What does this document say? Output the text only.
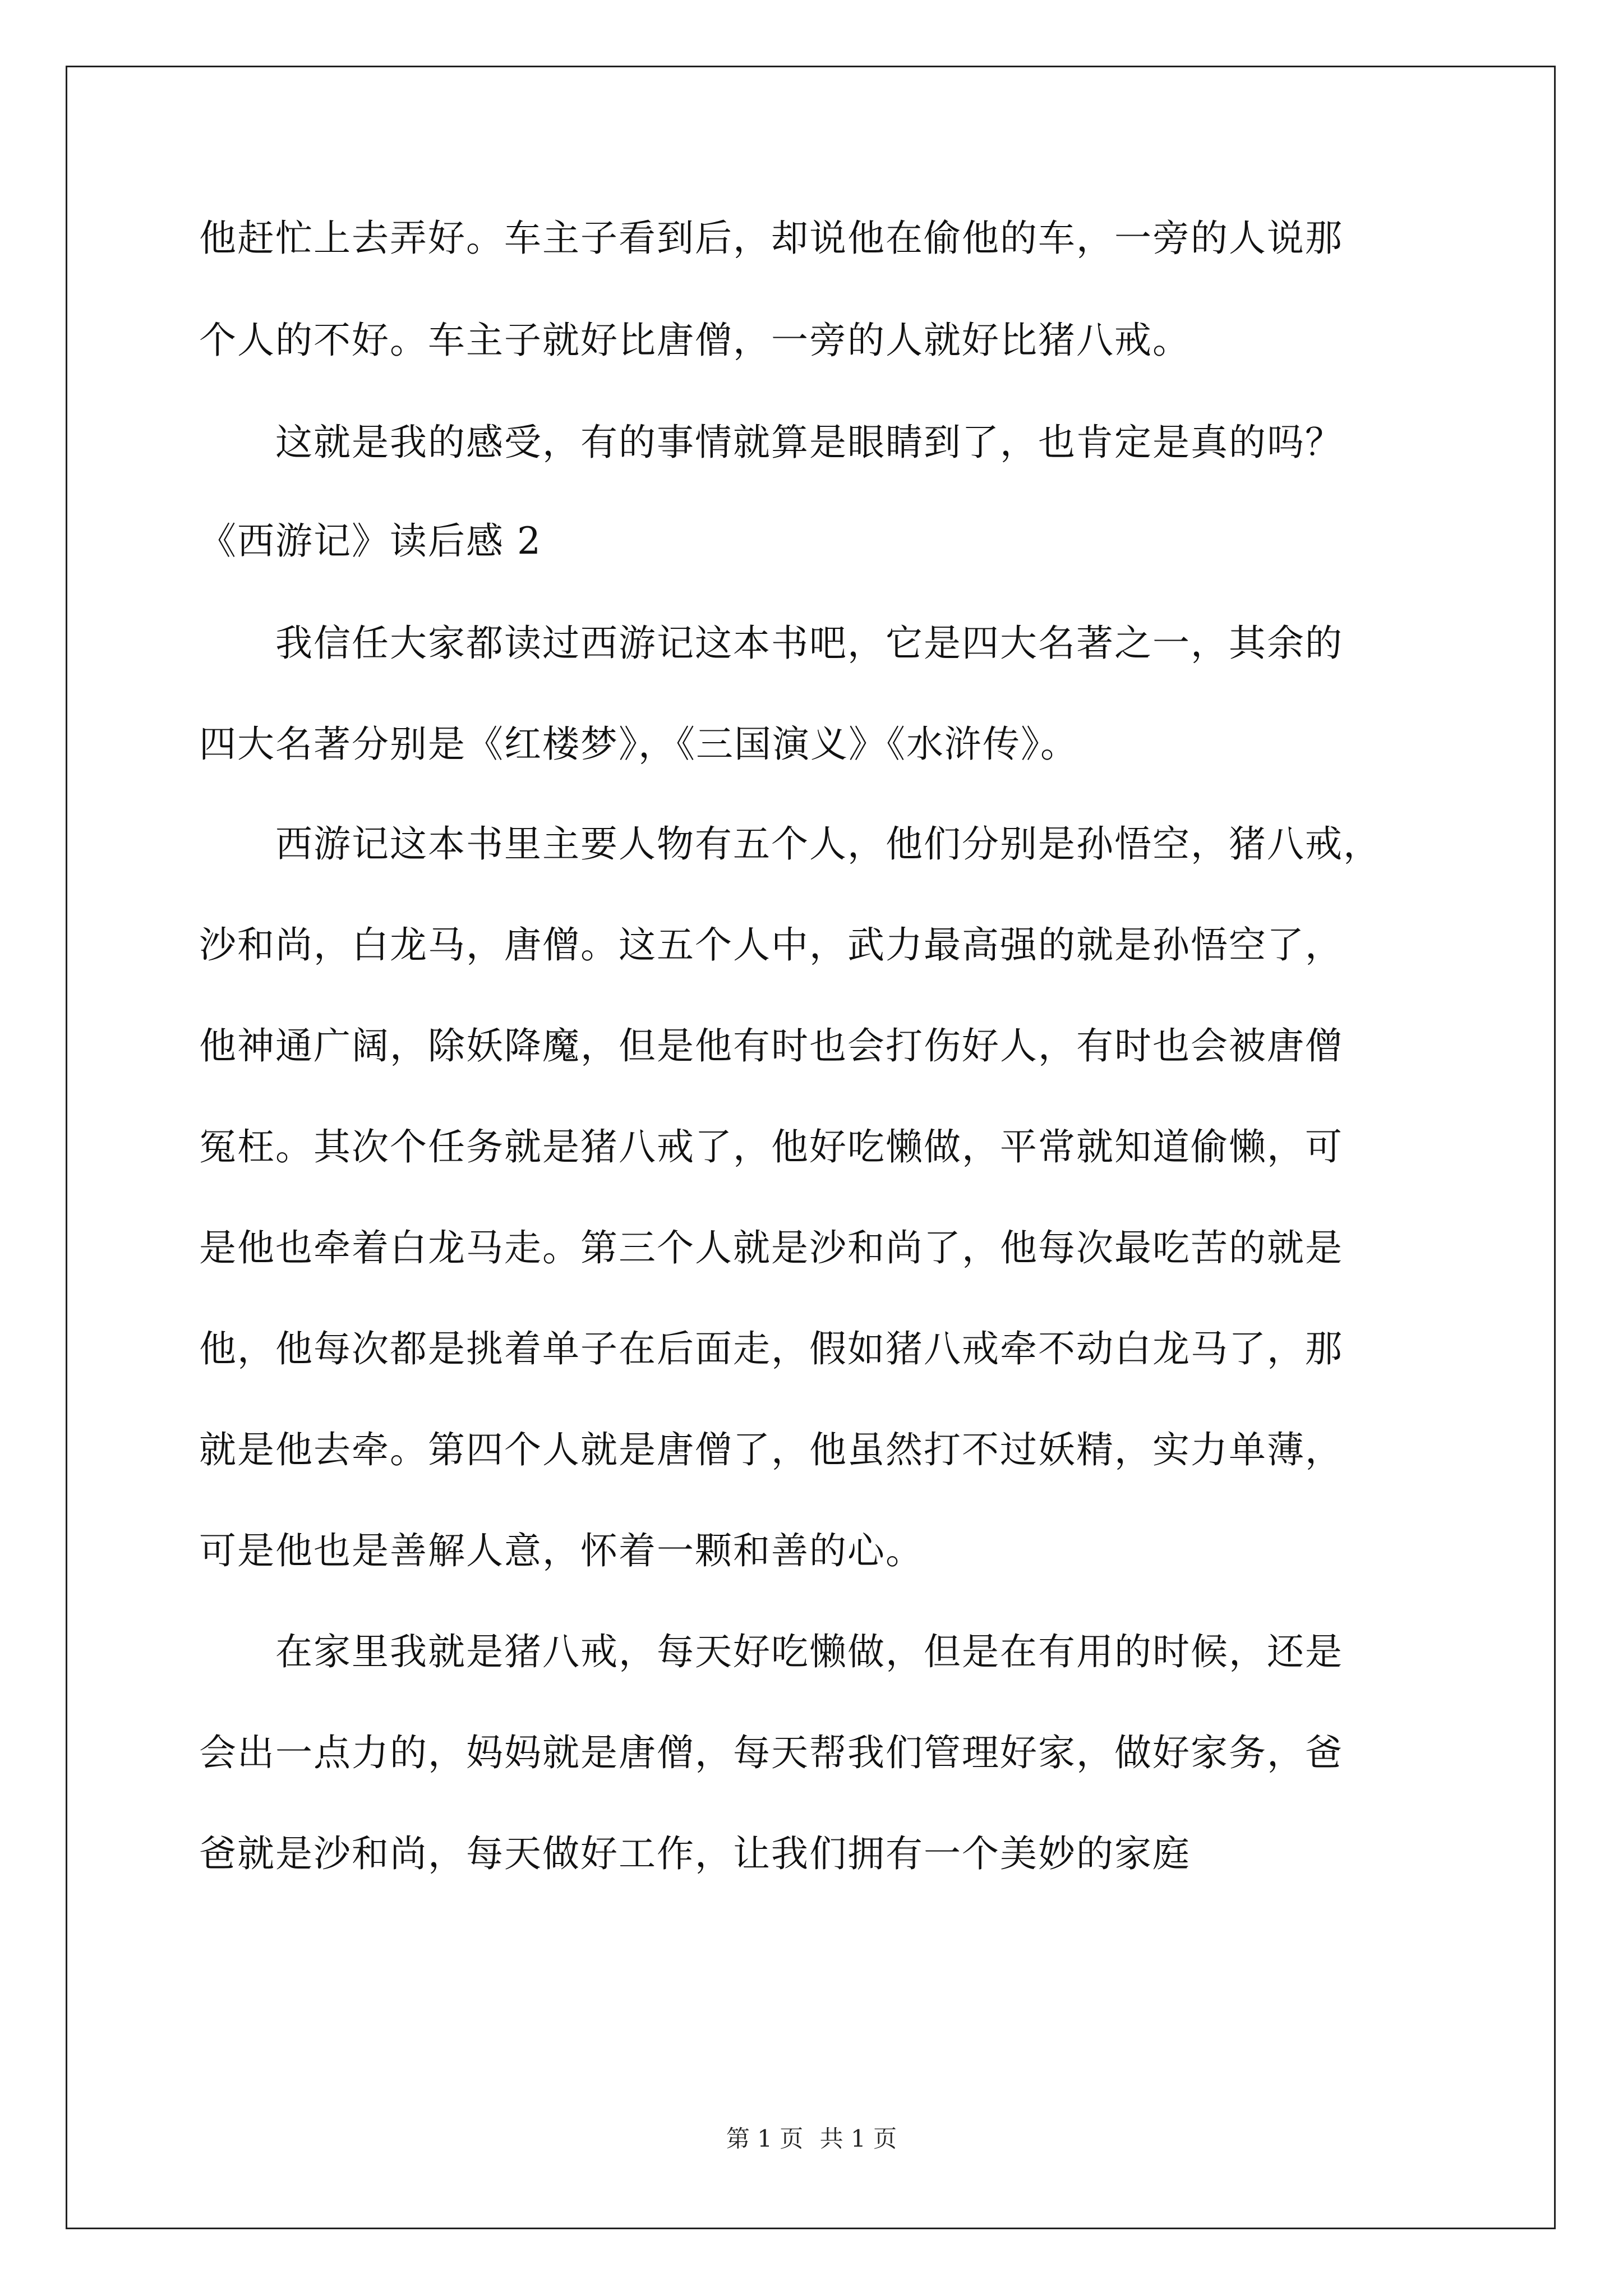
他赶忙上去弄好。车主子看到后，却说他在偷他的车，一旁的人说那
个人的不好。车主子就好比唐僧，一旁的人就好比猪八戒。
　　这就是我的感受，有的事情就算是眼睛到了，也肯定是真的吗？
《西游记》读后感 2
　　我信任大家都读过西游记这本书吧，它是四大名著之一，其余的
四大名著分别是《红楼梦》，《三国演义》《水浒传》。
　　西游记这本书里主要人物有五个人，他们分别是孙悟空，猪八戒，
沙和尚，白龙马，唐僧。这五个人中，武力最高强的就是孙悟空了，
他神通广阔，除妖降魔，但是他有时也会打伤好人，有时也会被唐僧
冤枉。其次个任务就是猪八戒了，他好吃懒做，平常就知道偷懒，可
是他也牵着白龙马走。第三个人就是沙和尚了，他每次最吃苦的就是
他，他每次都是挑着单子在后面走，假如猪八戒牵不动白龙马了，那
就是他去牵。第四个人就是唐僧了，他虽然打不过妖精，实力单薄，
可是他也是善解人意，怀着一颗和善的心。
　　在家里我就是猪八戒，每天好吃懒做，但是在有用的时候，还是
会出一点力的，妈妈就是唐僧，每天帮我们管理好家，做好家务，爸
爸就是沙和尚，每天做好工作，让我们拥有一个美妙的家庭
第 1 页 共 1 页
